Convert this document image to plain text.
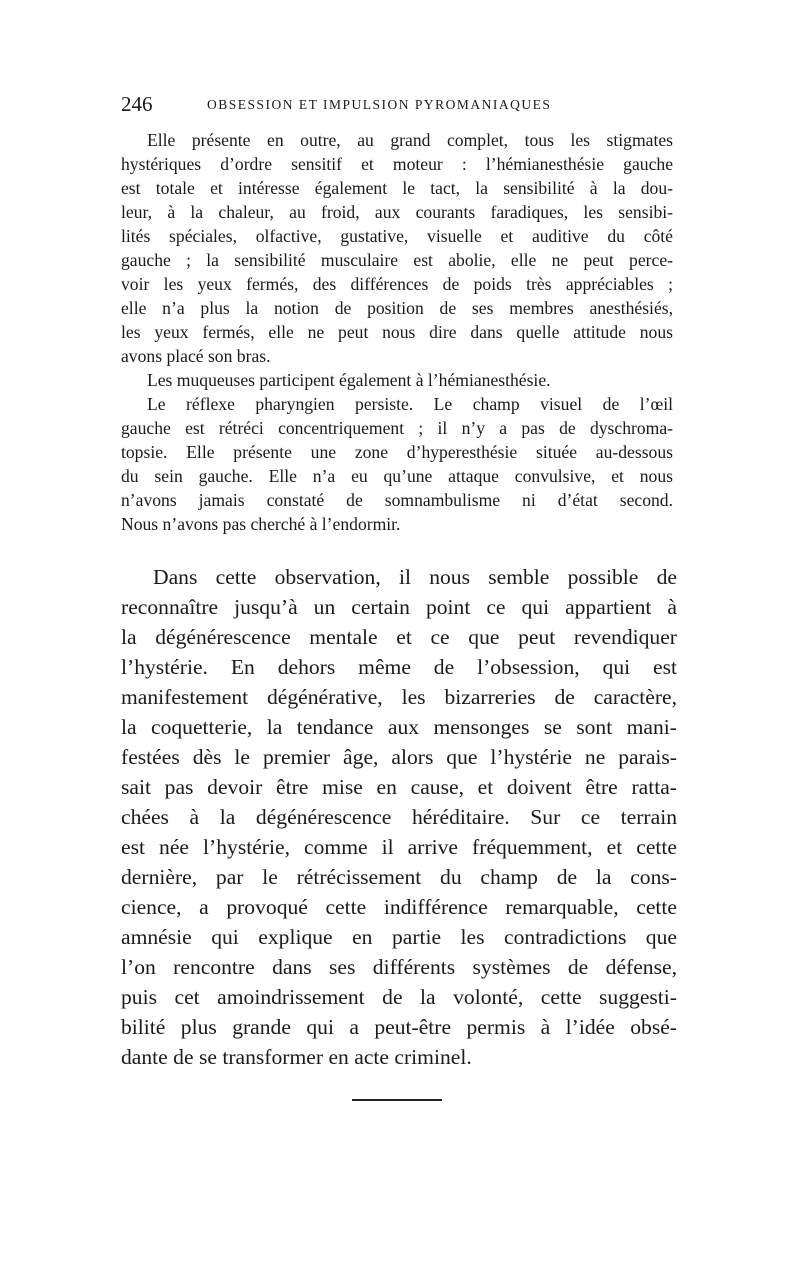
246	OBSESSION ET IMPULSION PYROMANIAQUES
Elle présente en outre, au grand complet, tous les stigmates
hystériques d’ordre sensitif et moteur : l’hémianesthésie gauche
est totale et intéresse également le tact, la sensibilité à la dou-
leur, à la chaleur, au froid, aux courants faradiques, les sensibi-
lités spéciales, olfactive, gustative, visuelle et auditive du côté
gauche ; la sensibilité musculaire est abolie, elle ne peut perce-
voir les yeux fermés, des différences de poids très appréciables ;
elle n’a plus la notion de position de ses membres anesthésiés,
les yeux fermés, elle ne peut nous dire dans quelle attitude nous
avons placé son bras.
Les muqueuses participent également à l’hémianesthésie.
Le réflexe pharyngien persiste. Le champ visuel de l’œil
gauche est rétréci concentriquement ; il n’y a pas de dyschroma-
topsie. Elle présente une zone d’hyperesthésie située au-dessous
du sein gauche. Elle n’a eu qu’une attaque convulsive, et nous
n’avons jamais constaté de somnambulisme ni d’état second.
Nous n’avons pas cherché à l’endormir.
Dans cette observation, il nous semble possible de
reconnaître jusqu’à un certain point ce qui appartient à
la dégénérescence mentale et ce que peut revendiquer
l’hystérie. En dehors même de l’obsession, qui est
manifestement dégénérative, les bizarreries de caractère,
la coquetterie, la tendance aux mensonges se sont mani-
festées dès le premier âge, alors que l’hystérie ne parais-
sait pas devoir être mise en cause, et doivent être ratta-
chées à la dégénérescence héréditaire. Sur ce terrain
est née l’hystérie, comme il arrive fréquemment, et cette
dernière, par le rétrécissement du champ de la cons-
cience, a provoqué cette indifférence remarquable, cette
amnésie qui explique en partie les contradictions que
l’on rencontre dans ses différents systèmes de défense,
puis cet amoindrissement de la volonté, cette suggesti-
bilité plus grande qui a peut-être permis à l’idée obsé-
dante de se transformer en acte criminel.
